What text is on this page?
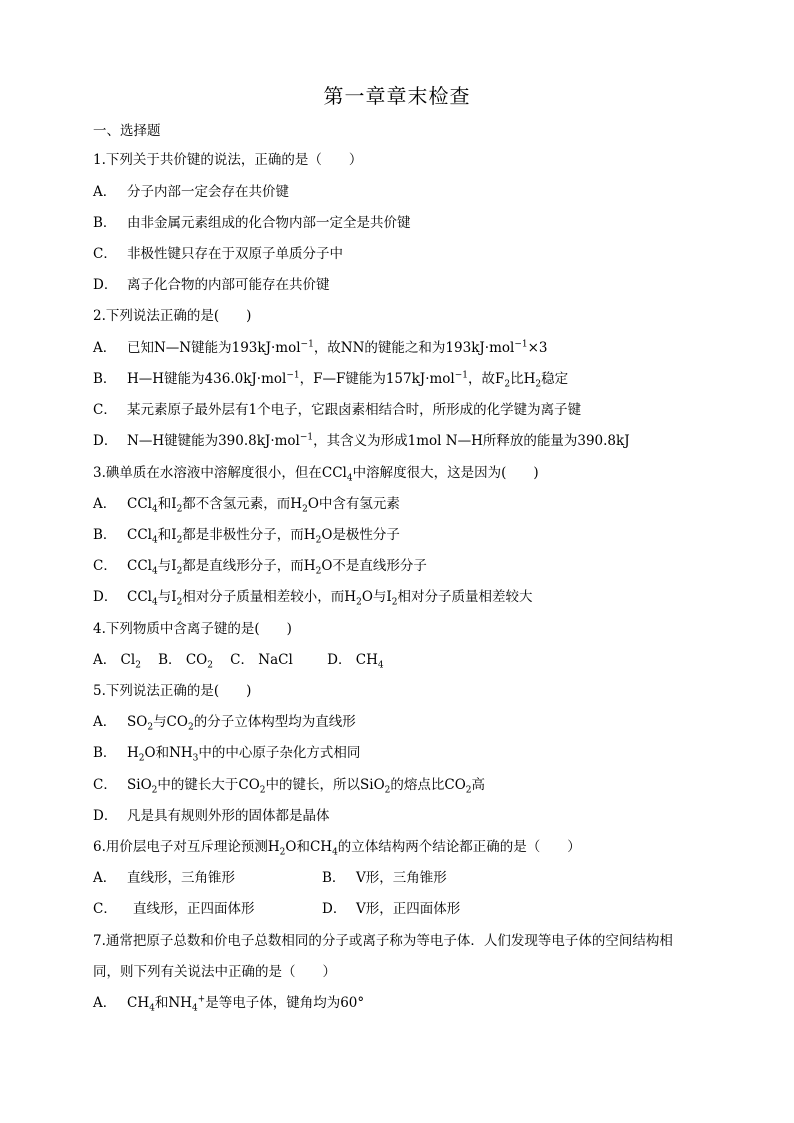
第一章章末检查
一、选择题
1.下列关于共价键的说法，正确的是（　　）
A． 分子内部一定会存在共价键
B． 由非金属元素组成的化合物内部一定全是共价键
C． 非极性键只存在于双原子单质分子中
D． 离子化合物的内部可能存在共价键
2.下列说法正确的是(　　)
A． 已知N—N键能为193kJ·mol$^{-1}$，故NN的键能之和为193kJ·mol$^{-1}$×3
B． H—H键能为436.0kJ·mol$^{-1}$，F—F键能为157kJ·mol$^{-1}$，故$F_2$比$H_2$稳定
C． 某元素原子最外层有1个电子，它跟卤素相结合时，所形成的化学键为离子键
D． N—H键键能为390.8kJ·mol$^{-1}$，其含义为形成1mol N—H所释放的能量为390.8kJ
3.碘单质在水溶液中溶解度很小，但在CCl$_4$中溶解度很大，这是因为(　　)
A． CCl$_4$和$I_2$都不含氢元素，而$H_2O$中含有氢元素
B． CCl$_4$和$I_2$都是非极性分子，而$H_2O$是极性分子
C． CCl$_4$与$I_2$都是直线形分子，而$H_2O$不是直线形分子
D． CCl$_4$与$I_2$相对分子质量相差较小，而$H_2O$与$I_2$相对分子质量相差较大
4.下列物质中含离子键的是(　　)
A． $Cl_2$ B． $CO_2$ C． NaCl	D． $CH_4$
5.下列说法正确的是(　　)
A． $SO_2$与$CO_2$的分子立体构型均为直线形
B． $H_2O$和$NH_3$中的中心原子杂化方式相同
C． SiO$_2$中的键长大于$CO_2$中的键长，所以SiO$_2$的熔点比$CO_2$高
D． 凡是具有规则外形的固体都是晶体
6.用价层电子对互斥理论预测$H_2O$和$CH_4$的立体结构两个结论都正确的是（　　）
A． 直线形，三角锥形	B． V形，三角锥形
C． 直线形，正四面体形	D． V形，正四面体形
7.通常把原子总数和价电子总数相同的分子或离子称为等电子体．人们发现等电子体的空间结构相
同，则下列有关说法中正确的是（　　）
A． $CH_4$和$NH_4^+$是等电子体，键角均为60°
